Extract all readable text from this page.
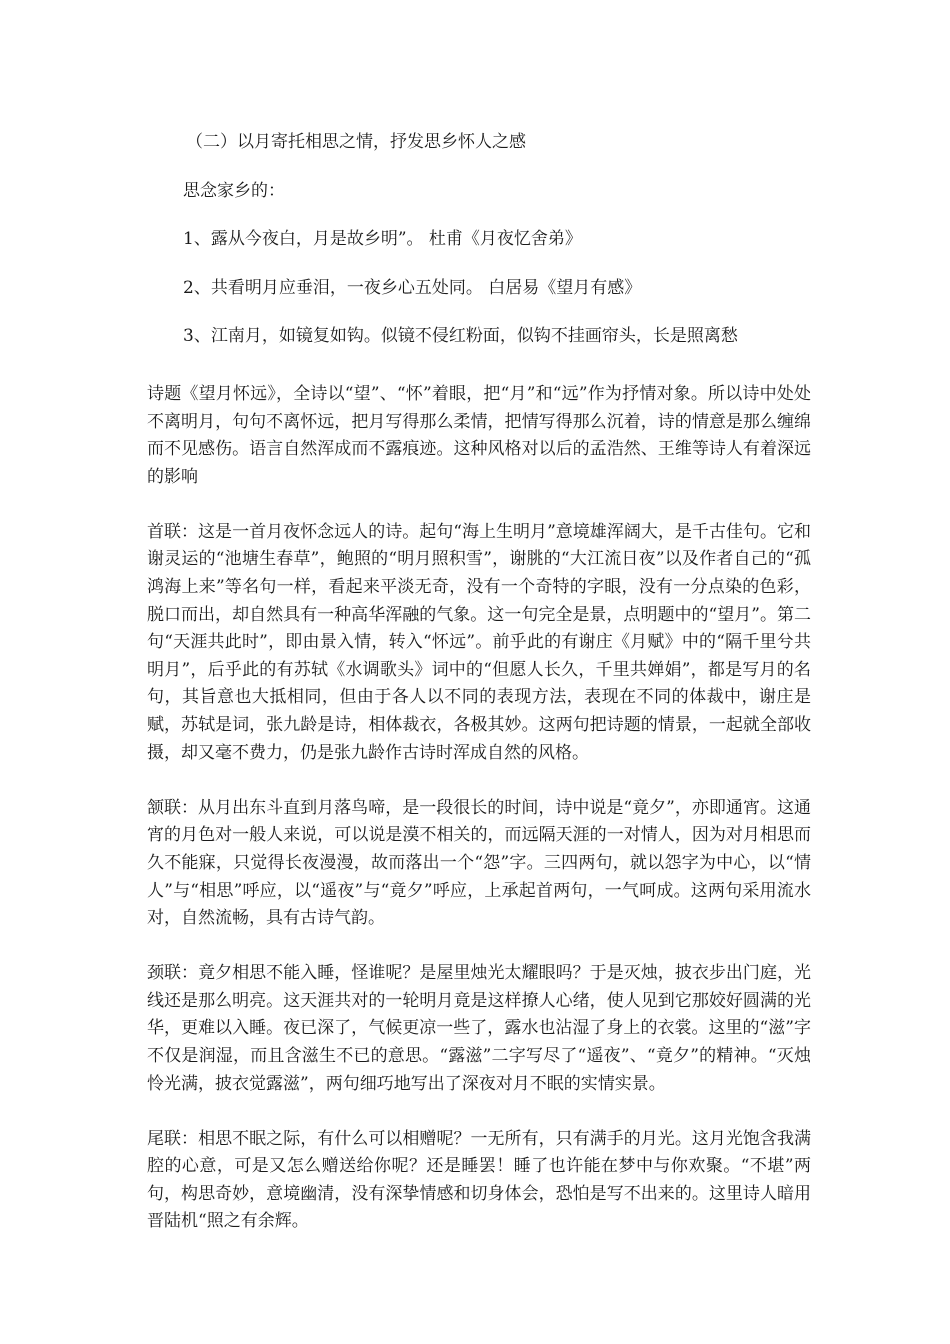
（二）以月寄托相思之情，抒发思乡怀人之感

思念家乡的：

1、露从今夜白，月是故乡明”。 杜甫《月夜忆舍弟》

2、共看明月应垂泪，一夜乡心五处同。 白居易《望月有感》

3、江南月，如镜复如钩。似镜不侵红粉面，似钩不挂画帘头，长是照离愁

诗题《望月怀远》，全诗以“望”、“怀”着眼，把“月”和“远”作为抒情对象。所以诗中处处不离明月，句句不离怀远，把月写得那么柔情，把情写得那么沉着，诗的情意是那么缠绵而不见感伤。语言自然浑成而不露痕迹。这种风格对以后的孟浩然、王维等诗人有着深远的影响

首联：这是一首月夜怀念远人的诗。起句“海上生明月”意境雄浑阔大，是千古佳句。它和谢灵运的“池塘生春草”，鲍照的“明月照积雪”，谢朓的“大江流日夜”以及作者自己的“孤鸿海上来”等名句一样，看起来平淡无奇，没有一个奇特的字眼，没有一分点染的色彩，脱口而出，却自然具有一种高华浑融的气象。这一句完全是景，点明题中的“望月”。第二句“天涯共此时”，即由景入情，转入“怀远”。前乎此的有谢庄《月赋》中的“隔千里兮共明月”，后乎此的有苏轼《水调歌头》词中的“但愿人长久，千里共婵娟”，都是写月的名句，其旨意也大抵相同，但由于各人以不同的表现方法，表现在不同的体裁中，谢庄是赋，苏轼是词，张九龄是诗，相体裁衣，各极其妙。这两句把诗题的情景，一起就全部收摄，却又毫不费力，仍是张九龄作古诗时浑成自然的风格。

颔联：从月出东斗直到月落鸟啼，是一段很长的时间，诗中说是“竟夕”，亦即通宵。这通宵的月色对一般人来说，可以说是漠不相关的，而远隔天涯的一对情人，因为对月相思而久不能寐，只觉得长夜漫漫，故而落出一个“怨”字。三四两句，就以怨字为中心，以“情人”与“相思”呼应，以“遥夜”与“竟夕”呼应，上承起首两句，一气呵成。这两句采用流水对，自然流畅，具有古诗气韵。

颈联：竟夕相思不能入睡，怪谁呢？是屋里烛光太耀眼吗？于是灭烛，披衣步出门庭，光线还是那么明亮。这天涯共对的一轮明月竟是这样撩人心绪，使人见到它那姣好圆满的光华，更难以入睡。夜已深了，气候更凉一些了，露水也沾湿了身上的衣裳。这里的“滋”字不仅是润湿，而且含滋生不已的意思。“露滋”二字写尽了“遥夜”、“竟夕”的精神。“灭烛怜光满，披衣觉露滋”，两句细巧地写出了深夜对月不眠的实情实景。

尾联：相思不眠之际，有什么可以相赠呢？一无所有，只有满手的月光。这月光饱含我满腔的心意，可是又怎么赠送给你呢？还是睡罢！睡了也许能在梦中与你欢聚。“不堪”两句，构思奇妙，意境幽清，没有深挚情感和切身体会，恐怕是写不出来的。这里诗人暗用晋陆机“照之有余辉。
